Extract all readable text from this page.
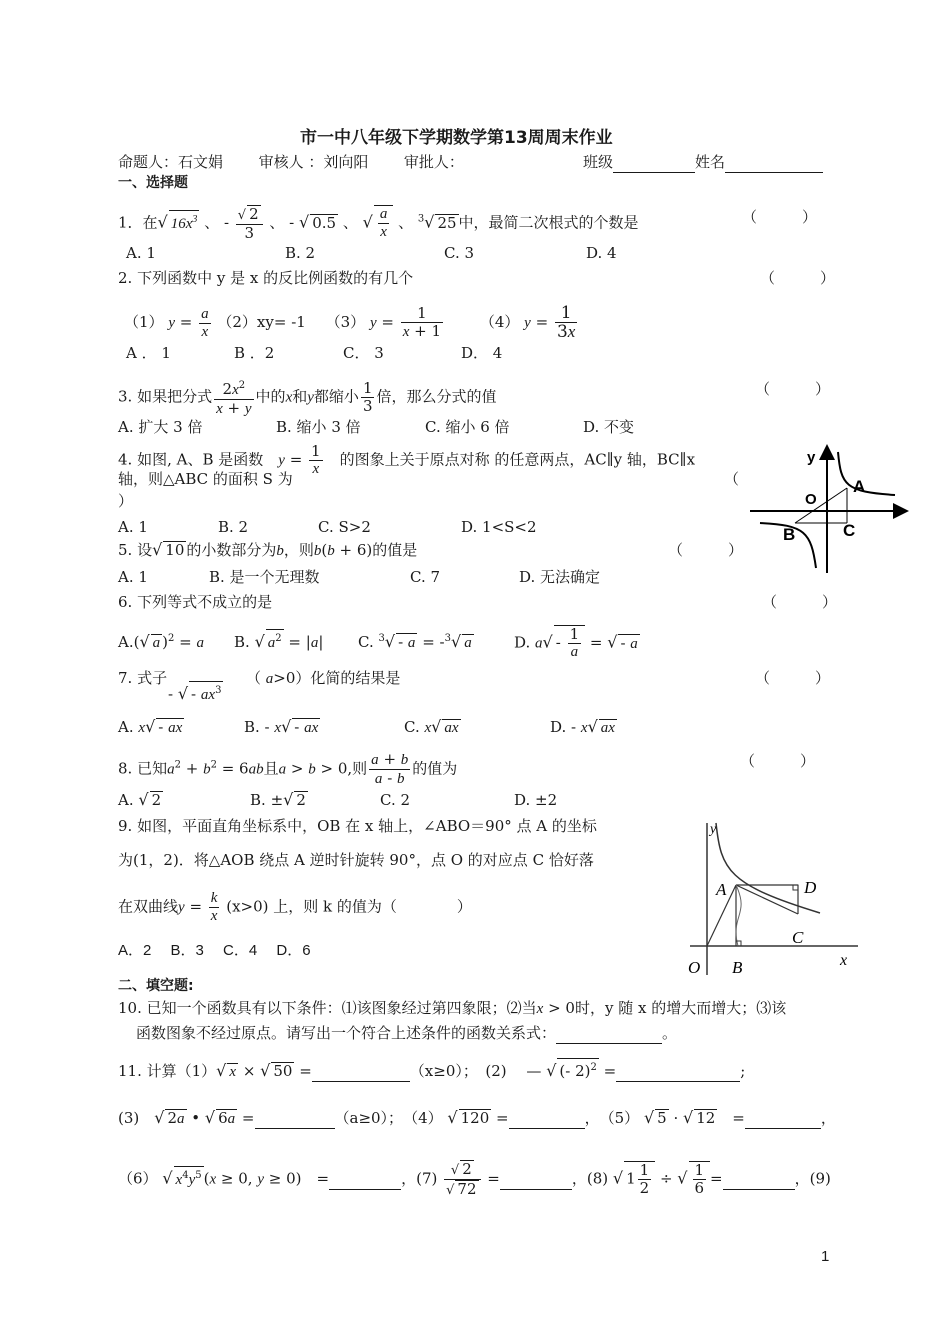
市一中八年级下学期数学第13周周末作业
命题人：石文娟 审核人 ：刘向阳 审批人：	班级	姓名
一、选择题
1．在√ $16x^3$ 、 - $\frac{√ 2}{3}$ 、 - √ 0.5 、 √ $\frac{a}{x}$ 、 $^3$√ 25 中，最简二次根式的个数是	（　　　）
A. 1	B. 2	C. 3	D. 4
2. 下列函数中 y 是 x 的反比例函数的有几个	（　　　）
（1） $y = \frac{a}{x} (2)xy= -1$　 （3） $y = \frac{1}{x + 1}$
　　 （4） $y = \frac{1}{3x}$
A ． 1	B ．2	C． 3	D． 4
3. 如果把分式 $\frac{2x^2}{x + y}$ 中的x和y都缩小 $\frac{1}{3}$ 倍，那么分式的值	（　　　）
A. 扩大 3 倍	B. 缩小 3 倍	C. 缩小 6 倍	D. 不变
4. 如图, A、B 是函数　 $y = \frac{1}{x}$
　 的图象上关于原点对称 的任意两点，AC∥y 轴，BC∥x
轴，则△ABC 的面积 S 为	（
）
A. 1	B. 2	C. S>2	D. 1<S<2
y
O
A
B	C
5. 设√ 10 的小数部分为b，则b(b + 6)的值是	（　　　）
A. 1	B. 是一个无理数	C. 7	D. 无法确定
6. 下列等式不成立的是	（　　　）
A.(√ a )$^2$ = a B. √ $a^2 = |a|$ C. $^3$√ - a = -$^3$√ a	D. $a√ - \frac{1}{a}$ = √ - a
7. 式子
- √ - $ax^3$
（ a>0）化简的结果是	（　　　）
A. x√ - ax	B. - x√ - ax	C. x√ ax	D. - x√ ax
8. 已知$a^2 + b^2 = 6ab$且a > b > 0,则 $\frac{a + b}{a - b}$ 的值为	（　　　）
A. √ 2	B. ±√ 2	C. 2	D. ±2
9. 如图，平面直角坐标系中，OB 在 x 轴上，∠ABO＝90° 点 A 的坐标
为(1，2)．将△AOB 绕点 A 逆时针旋转 90°，点 O 的对应点 C 恰好落
在双曲线$y = \frac{k}{x} (x>0)$ 上，则 k 的值为（　　　　）
A．2　 B．3　 C．4　 D．6
y
x
O
A
B
C
D
二、填空题:
10. 已知一个函数具有以下条件：⑴该图象经过第四象限；⑵当x > 0时，y 随 x 的增大而增大；⑶该
函数图象不经过原点。请写出一个符合上述条件的函数关系式：	。
11. 计算（1）√ x × √ 50 =	（x≥0）；　 (2)　 — √ (- 2)$^2$ =	;
(3)　 √ 2a • √ 6a =	（a≥0）；　 （4） √ 120 =	，　（5） √ 5 · √ 12　=	，
（6） √ $x^4y^5$ (x ≥ 0, y ≥ 0)　=	，$(7) \frac{√ 2}{√ 72}$ =	，(8) √ $1 \frac{1}{2}$ ÷ √ $\frac{1}{6}$ =	，(9)
1
